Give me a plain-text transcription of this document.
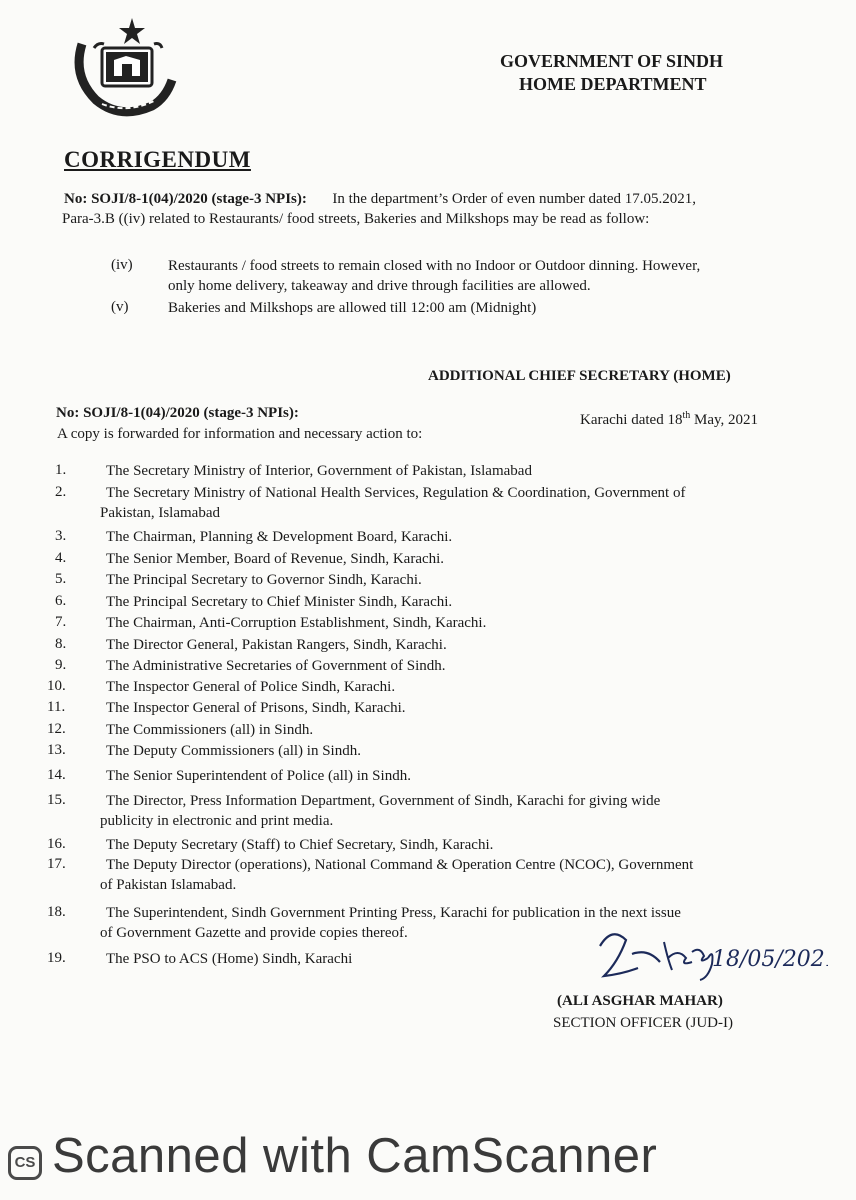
GOVERNMENT OF SINDH
HOME DEPARTMENT
CORRIGENDUM
No: SOJI/8-1(04)/2020 (stage-3 NPIs): In the department’s Order of even number dated 17.05.2021,
Para-3.B ((iv) related to Restaurants/ food streets, Bakeries and Milkshops may be read as follow:
(iv) Restaurants / food streets to remain closed with no Indoor or Outdoor dinning. However,
only home delivery, takeaway and drive through facilities are allowed.
(v)	Bakeries and Milkshops are allowed till 12:00 am (Midnight)
ADDITIONAL CHIEF SECRETARY (HOME)
No: SOJI/8-1(04)/2020 (stage-3 NPIs):	Karachi dated 18th May, 2021
A copy is forwarded for information and necessary action to:
1.	The Secretary Ministry of Interior, Government of Pakistan, Islamabad
2.	The Secretary Ministry of National Health Services, Regulation & Coordination, Government of
Pakistan, Islamabad
3.	The Chairman, Planning & Development Board, Karachi.
4.	The Senior Member, Board of Revenue, Sindh, Karachi.
5.	The Principal Secretary to Governor Sindh, Karachi.
6.	The Principal Secretary to Chief Minister Sindh, Karachi.
7.	The Chairman, Anti-Corruption Establishment, Sindh, Karachi.
8.	The Director General, Pakistan Rangers, Sindh, Karachi.
9.	The Administrative Secretaries of Government of Sindh.
10.	The Inspector General of Police Sindh, Karachi.
11.	The Inspector General of Prisons, Sindh, Karachi.
12.	The Commissioners (all) in Sindh.
13.	The Deputy Commissioners (all) in Sindh.
14.	The Senior Superintendent of Police (all) in Sindh.
15.	The Director, Press Information Department, Government of Sindh, Karachi for giving wide
publicity in electronic and print media.
16.	The Deputy Secretary (Staff) to Chief Secretary, Sindh, Karachi.
17.	The Deputy Director (operations), National Command & Operation Centre (NCOC), Government
of Pakistan Islamabad.
18.	The Superintendent, Sindh Government Printing Press, Karachi for publication in the next issue
of Government Gazette and provide copies thereof.
19.	The PSO to ACS (Home) Sindh, Karachi	18/05/2021
(ALI ASGHAR MAHAR)
SECTION OFFICER (JUD-I)
CS Scanned with CamScanner
